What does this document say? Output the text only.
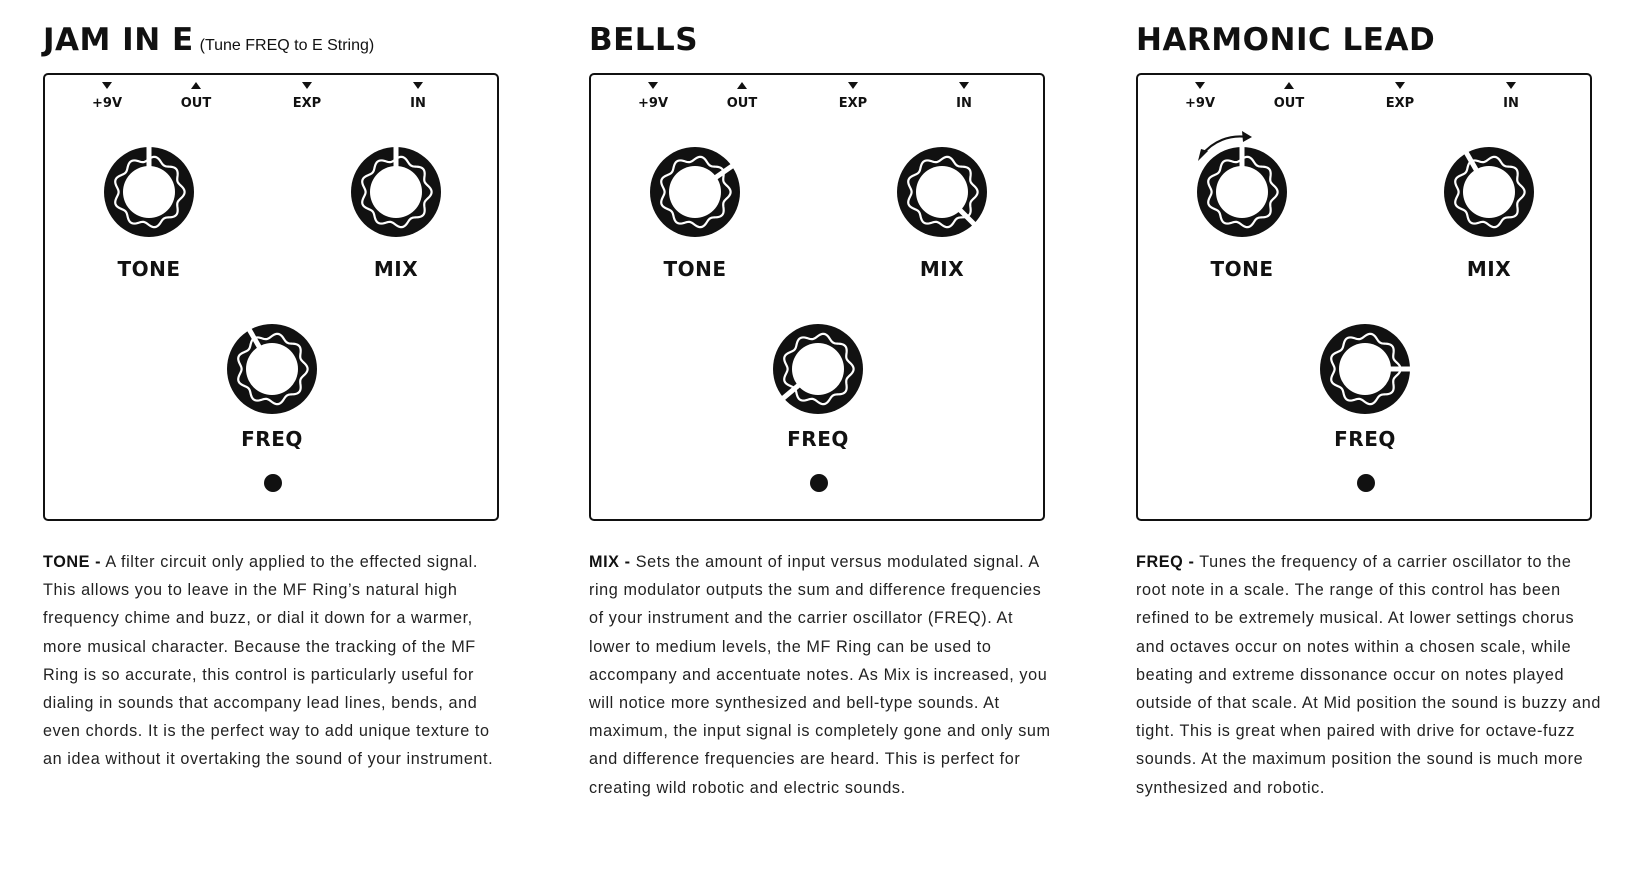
JAM IN E (Tune FREQ to E String)
+9V	OUT	EXP	IN
TONE	MIX
FREQ
TONE - A filter circuit only applied to the effected signal. This allows you to leave in the MF Ring’s natural high frequency chime and buzz, or dial it down for a warmer, more musical character. Because the tracking of the MF Ring is so accurate, this control is particularly useful for dialing in sounds that accompany lead lines, bends, and even chords. It is the perfect way to add unique texture to an idea without it overtaking the sound of your instrument.
BELLS
+9V	OUT	EXP	IN
TONE	MIX
FREQ
MIX - Sets the amount of input versus modulated signal. A ring modulator outputs the sum and difference frequencies of your instrument and the carrier oscillator (FREQ). At lower to medium levels, the MF Ring can be used to accompany and accentuate notes. As Mix is increased, you will notice more synthesized and bell-type sounds. At maximum, the input signal is completely gone and only sum and difference frequencies are heard. This is perfect for creating wild robotic and electric sounds.
HARMONIC LEAD
+9V	OUT	EXP	IN
TONE	MIX
FREQ
FREQ - Tunes the frequency of a carrier oscillator to the root note in a scale. The range of this control has been refined to be extremely musical. At lower settings chorus and octaves occur on notes within a chosen scale, while beating and extreme dissonance occur on notes played outside of that scale. At Mid position the sound is buzzy and tight. This is great when paired with drive for octave-fuzz sounds. At the maximum position the sound is much more synthesized and robotic.
